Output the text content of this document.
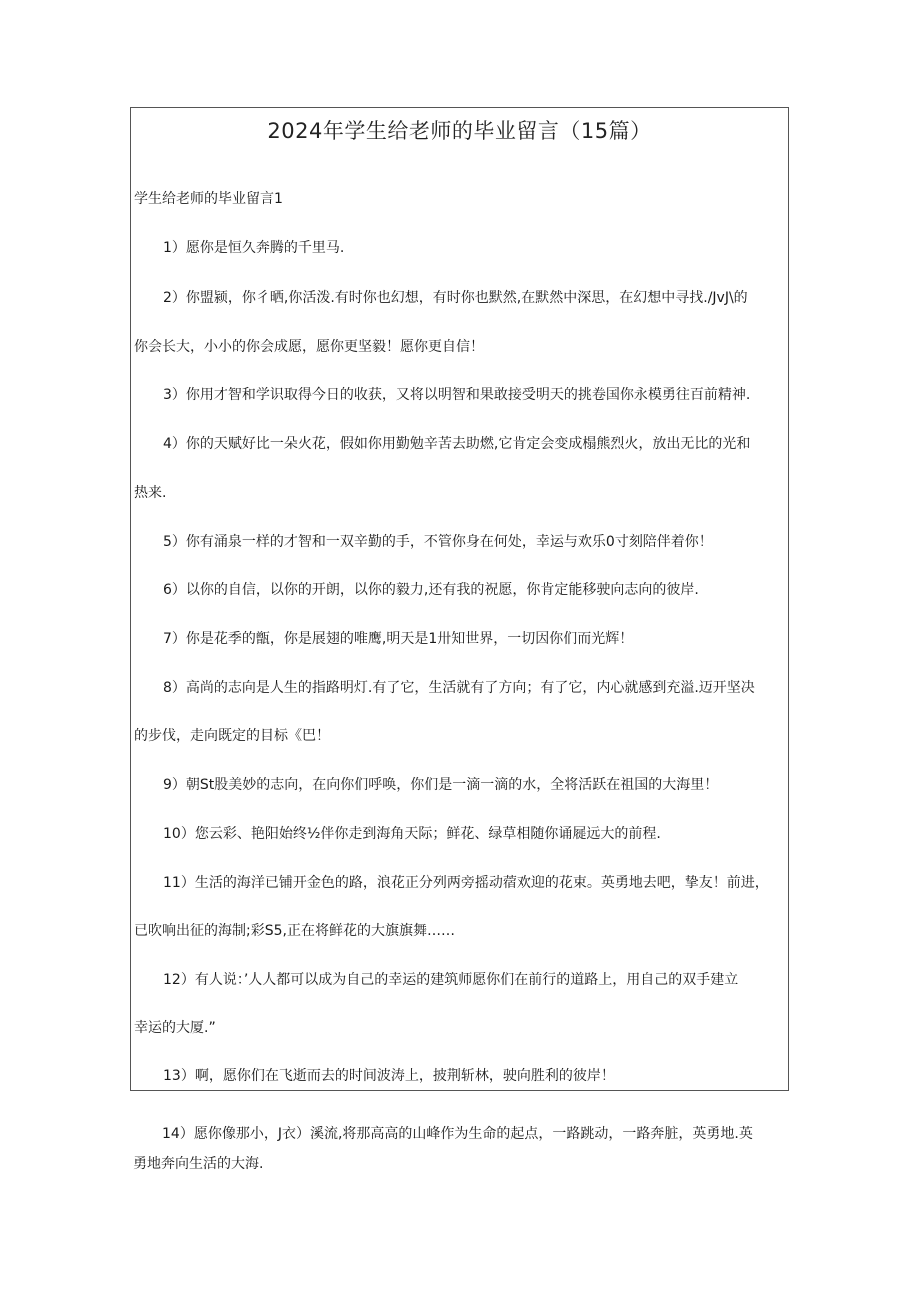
2024年学生给老师的毕业留言（15篇）
学生给老师的毕业留言1
1）愿你是恒久奔腾的千里马.
2）你盟颍，你彳晒,你活泼.有时你也幻想，有时你也默然,在默然中深思，在幻想中寻找./JvJ\的
你会长大，小小的你会成愿，愿你更坚毅！愿你更自信！
3）你用才智和学识取得今日的收获，又将以明智和果敢接受明天的挑卷国你永模勇往百前精神.
4）你的天赋好比一朵火花，假如你用勤勉辛苦去助燃,它肯定会变成榻熊烈火，放出无比的光和
热来.
5）你有涌泉一样的才智和一双辛勤的手，不管你身在何处，幸运与欢乐0寸刻陪伴着你！
6）以你的自信，以你的开朗，以你的毅力,还有我的祝愿，你肯定能移驶向志向的彼岸.
7）你是花季的甑，你是展翅的唯鹰,明天是1卅知世界，一切因你们而光辉！
8）高尚的志向是人生的指路明灯.有了它，生活就有了方向；有了它，内心就感到充溢.迈开坚决
的步伐，走向既定的目标《巴！
9）朝St股美妙的志向，在向你们呼唤，你们是一滴一滴的水，全将活跃在祖国的大海里！
10）您云彩、艳阳始终½伴你走到海角天际；鲜花、绿草相随你诵屣远大的前程.
11）生活的海洋已铺开金色的路，浪花正分列两旁摇动蓿欢迎的花束。英勇地去吧，挚友！前进，
已吹响出征的海制;彩S5,正在将鲜花的大旗旗舞……
12）有人说：’人人都可以成为自己的幸运的建筑师愿你们在前行的道路上，用自己的双手建立
幸运的大厦.”
13）啊，愿你们在飞逝而去的时间波涛上，披荆斩林，驶向胜利的彼岸！
14）愿你像那小，J衣）溪流,将那高高的山峰作为生命的起点，一路跳动，一路奔脏，英勇地.英
勇地奔向生活的大海.
